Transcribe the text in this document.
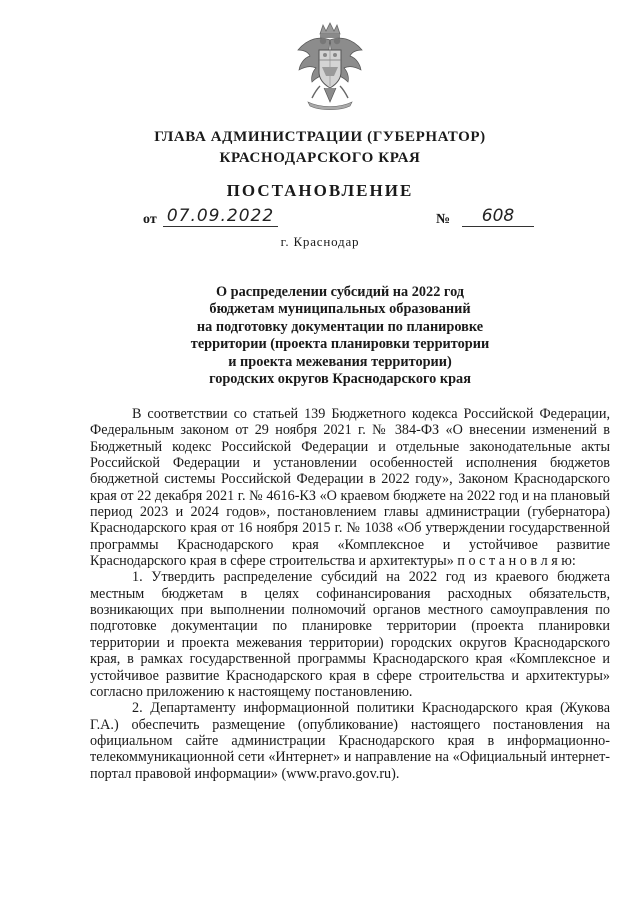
ГЛАВА АДМИНИСТРАЦИИ (ГУБЕРНАТОР)
КРАСНОДАРСКОГО КРАЯ
ПОСТАНОВЛЕНИЕ
от 07.09.2022	№	608
г. Краснодар
О распределении субсидий на 2022 год
бюджетам муниципальных образований
на подготовку документации по планировке
территории (проекта планировки территории
и проекта межевания территории)
городских округов Краснодарского края

В соответствии со статьей 139 Бюджетного кодекса Российской Федерации, Федеральным законом от 29 ноября 2021 г. № 384-ФЗ «О внесении изменений в Бюджетный кодекс Российской Федерации и отдельные законодательные акты Российской Федерации и установлении особенностей исполнения бюджетов бюджетной системы Российской Федерации в 2022 году», Законом Краснодарского края от 22 декабря 2021 г. № 4616-КЗ «О краевом бюджете на 2022 год и на плановый период 2023 и 2024 годов», постановлением главы администрации (губернатора) Краснодарского края от 16 ноября 2015 г. № 1038 «Об утверждении государственной программы Краснодарского края «Комплексное и устойчивое развитие Краснодарского края в сфере строительства и архитектуры» п о с т а н о в л я ю:

1. Утвердить распределение субсидий на 2022 год из краевого бюджета местным бюджетам в целях софинансирования расходных обязательств, возникающих при выполнении полномочий органов местного самоуправления по подготовке документации по планировке территории (проекта планировки территории и проекта межевания территории) городских округов Краснодарского края, в рамках государственной программы Краснодарского края «Комплексное и устойчивое развитие Краснодарского края в сфере строительства и архитектуры» согласно приложению к настоящему постановлению.

2. Департаменту информационной политики Краснодарского края (Жукова Г.А.) обеспечить размещение (опубликование) настоящего постановления на официальном сайте администрации Краснодарского края в информационно-телекоммуникационной сети «Интернет» и направление на «Официальный интернет-портал правовой информации» (www.pravo.gov.ru).
